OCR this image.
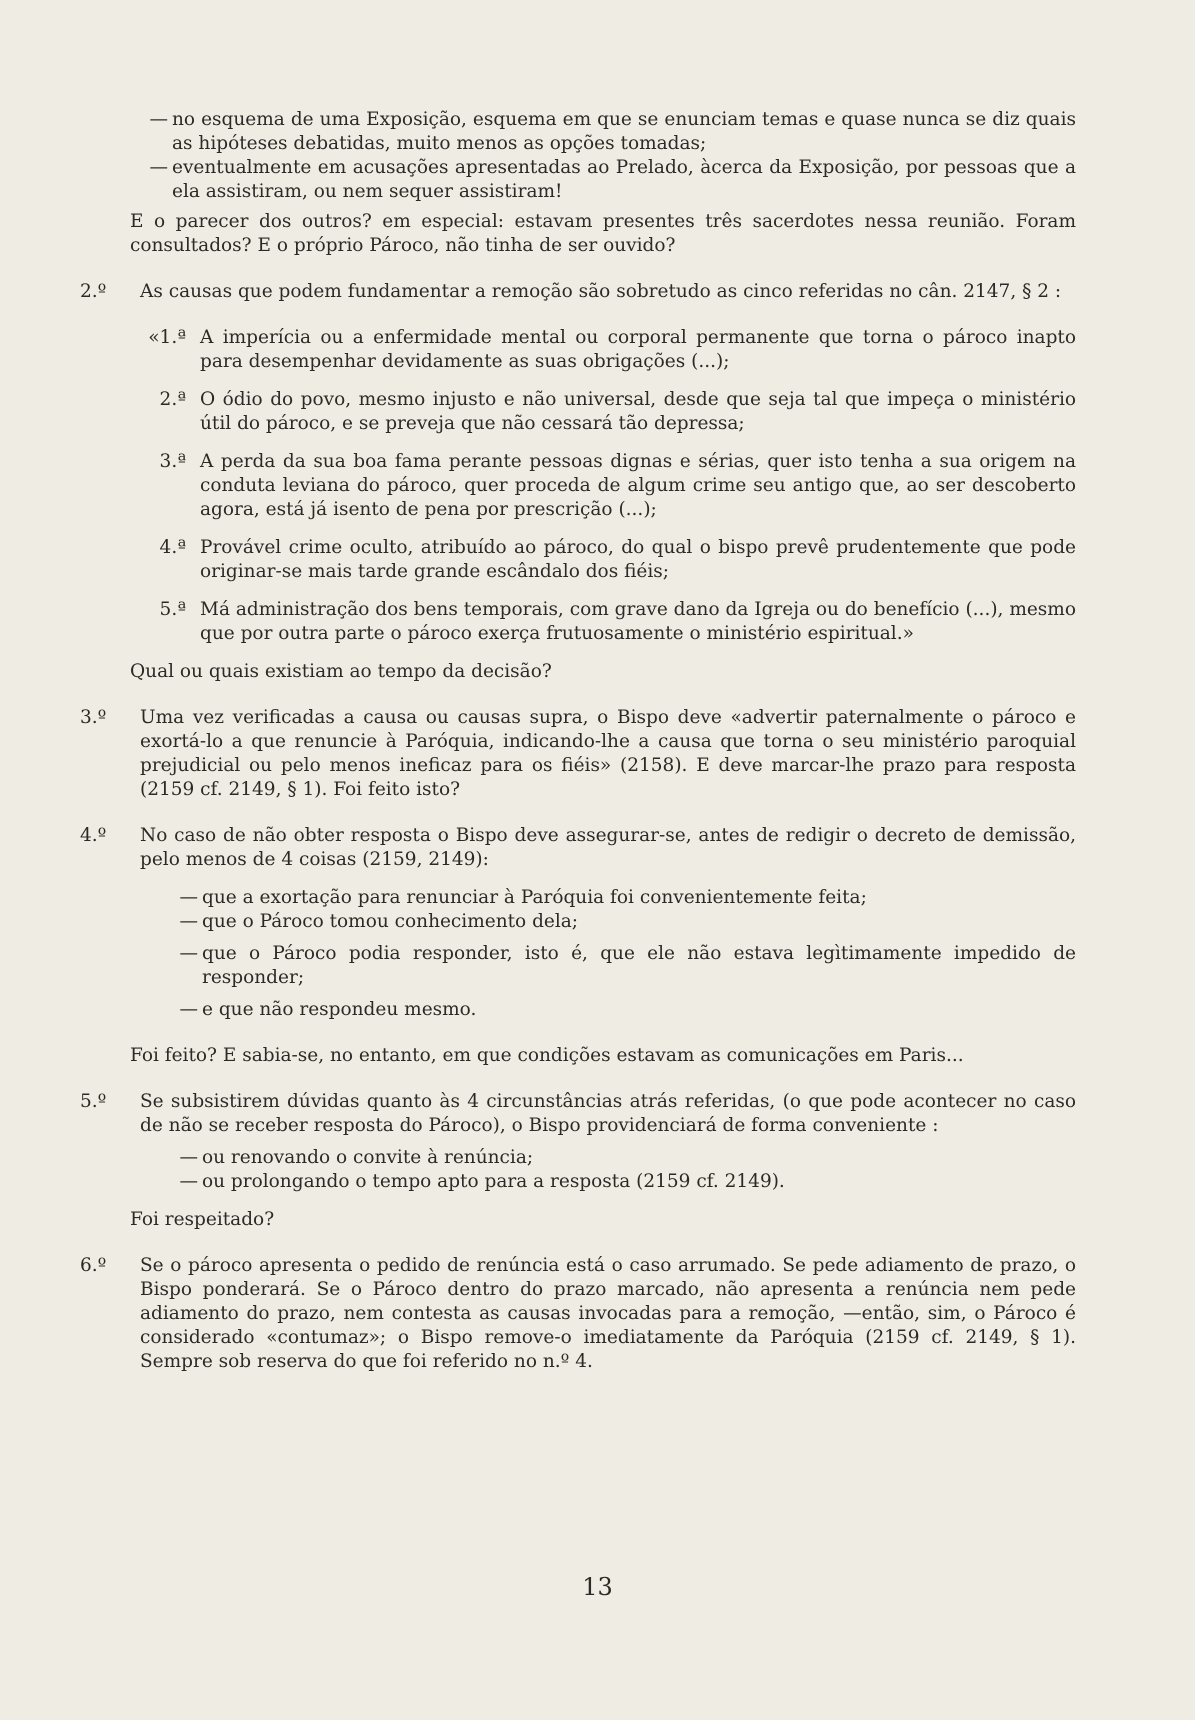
— no esquema de uma Exposição, esquema em que se enunciam temas e quase nunca se diz quais as hipóteses debatidas, muito menos as opções tomadas;
— eventualmente em acusações apresentadas ao Prelado, àcerca da Exposição, por pessoas que a ela assistiram, ou nem sequer assistiram!

E o parecer dos outros? em especial: estavam presentes três sacerdotes nessa reunião. Foram consultados? E o próprio Pároco, não tinha de ser ouvido?

2.º	As causas que podem fundamentar a remoção são sobretudo as cinco referidas no cân. 2147, § 2 :
«1.ª A imperícia ou a enfermidade mental ou corporal permanente que torna o pároco inapto para desempenhar devidamente as suas obrigações (...);
2.ª O ódio do povo, mesmo injusto e não universal, desde que seja tal que impeça o ministério útil do pároco, e se preveja que não cessará tão depressa;
3.ª A perda da sua boa fama perante pessoas dignas e sérias, quer isto tenha a sua origem na conduta leviana do pároco, quer proceda de algum crime seu antigo que, ao ser descoberto agora, está já isento de pena por prescrição (...);
4.ª Provável crime oculto, atribuído ao pároco, do qual o bispo prevê prudentemente que pode originar-se mais tarde grande escândalo dos fiéis;
5.ª Má administração dos bens temporais, com grave dano da Igreja ou do benefício (...), mesmo que por outra parte o pároco exerça frutuosamente o ministério espiritual.»

Qual ou quais existiam ao tempo da decisão?

3.º	Uma vez verificadas a causa ou causas supra, o Bispo deve «advertir paternalmente o pároco e exortá-lo a que renuncie à Paróquia, indicando-lhe a causa que torna o seu ministério paroquial prejudicial ou pelo menos ineficaz para os fiéis» (2158). E deve marcar-lhe prazo para resposta (2159 cf. 2149, § 1). Foi feito isto?
4.º	No caso de não obter resposta o Bispo deve assegurar-se, antes de redigir o decreto de demissão, pelo menos de 4 coisas (2159, 2149):
— que a exortação para renunciar à Paróquia foi convenientemente feita;
— que o Pároco tomou conhecimento dela;
— que o Pároco podia responder, isto é, que ele não estava legìtimamente impedido de responder;
— e que não respondeu mesmo.

Foi feito? E sabia-se, no entanto, em que condições estavam as comunicações em Paris...

5.º	Se subsistirem dúvidas quanto às 4 circunstâncias atrás referidas, (o que pode acontecer no caso de não se receber resposta do Pároco), o Bispo providenciará de forma conveniente :
— ou renovando o convite à renúncia;
— ou prolongando o tempo apto para a resposta (2159 cf. 2149).

Foi respeitado?

6.º	Se o pároco apresenta o pedido de renúncia está o caso arrumado. Se pede adiamento de prazo, o Bispo ponderará. Se o Pároco dentro do prazo marcado, não apresenta a renúncia nem pede adiamento do prazo, nem contesta as causas invocadas para a remoção, —então, sim, o Pároco é considerado «contumaz»; o Bispo remove-o imediatamente da Paróquia (2159 cf. 2149, § 1). Sempre sob reserva do que foi referido no n.º 4.
13
